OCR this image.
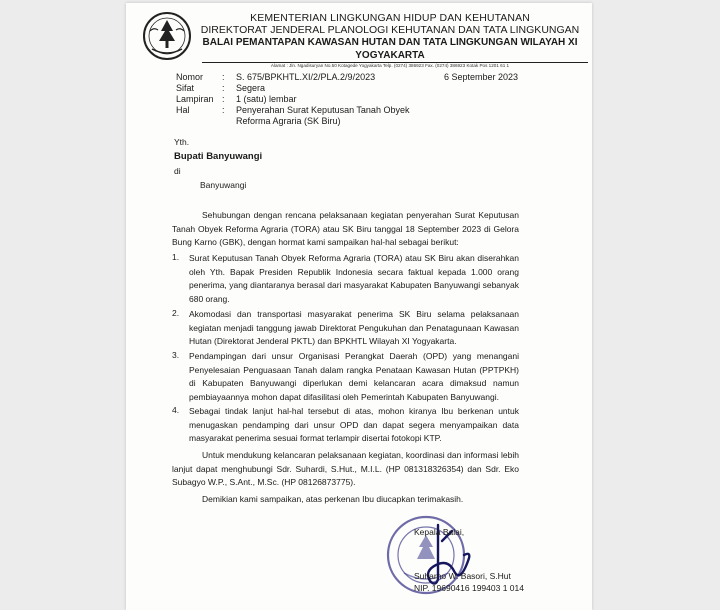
KEMENTERIAN LINGKUNGAN HIDUP DAN KEHUTANAN
DIREKTORAT JENDERAL PLANOLOGI KEHUTANAN DAN TATA LINGKUNGAN
BALAI PEMANTAPAN KAWASAN HUTAN DAN TATA LINGKUNGAN WILAYAH XI YOGYAKARTA
Alamat : Jln. Ngadisuryan No.50 Kotagede Yogyakarta Telp. (0274) 386923 Fax. (0274) 386923 Kotak Pos 1201 61 1
6 September 2023
Nomor : S. 675/BPKHTL.XI/2/PLA.2/9/2023
Sifat	: Segera
Lampiran : 1 (satu) lembar
Hal	: Penyerahan Surat Keputusan Tanah Obyek
Reforma Agraria (SK Biru)
Yth.
Bupati Banyuwangi
di
Banyuwangi
Sehubungan dengan rencana pelaksanaan kegiatan penyerahan Surat Keputusan Tanah Obyek Reforma Agraria (TORA) atau SK Biru tanggal 18 September 2023 di Gelora Bung Karno (GBK), dengan hormat kami sampaikan hal-hal sebagai berikut:
1. Surat Keputusan Tanah Obyek Reforma Agraria (TORA) atau SK Biru akan diserahkan oleh Yth. Bapak Presiden Republik Indonesia secara faktual kepada 1.000 orang penerima, yang diantaranya berasal dari masyarakat Kabupaten Banyuwangi sebanyak 680 orang.
2. Akomodasi dan transportasi masyarakat penerima SK Biru selama pelaksanaan kegiatan menjadi tanggung jawab Direktorat Pengukuhan dan Penatagunaan Kawasan Hutan (Direktorat Jenderal PKTL) dan BPKHTL Wilayah XI Yogyakarta.
3. Pendampingan dari unsur Organisasi Perangkat Daerah (OPD) yang menangani Penyelesaian Penguasaan Tanah dalam rangka Penataan Kawasan Hutan (PPTPKH) di Kabupaten Banyuwangi diperlukan demi kelancaran acara dimaksud namun pembiayaannya mohon dapat difasilitasi oleh Pemerintah Kabupaten Banyuwangi.
4. Sebagai tindak lanjut hal-hal tersebut di atas, mohon kiranya Ibu berkenan untuk menugaskan pendamping dari unsur OPD dan dapat segera menyampaikan data masyarakat penerima sesuai format terlampir disertai fotokopi KTP.
Untuk mendukung kelancaran pelaksanaan kegiatan, koordinasi dan informasi lebih lanjut dapat menghubungi Sdr. Suhardi, S.Hut., M.I.L. (HP 081318326354) dan Sdr. Eko Subagyo W.P., S.Ant., M.Sc. (HP 08126873775).
Demikian kami sampaikan, atas perkenan Ibu diucapkan terimakasih.
Kepala Balai,
Suharno W. Basori, S.Hut
NIP. 19690416 199403 1 014
